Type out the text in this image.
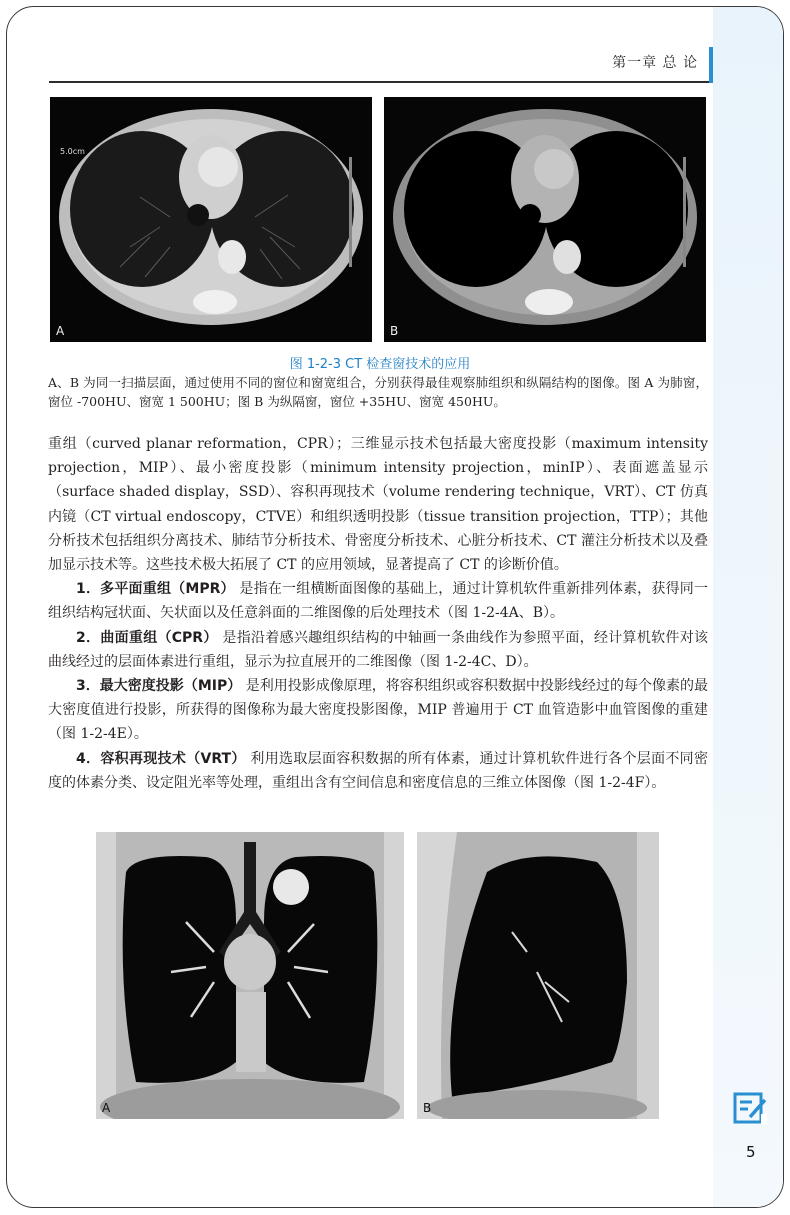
第一章 总 论
5.0cm
A	B
图 1-2-3 CT 检查窗技术的应用
A、B 为同一扫描层面，通过使用不同的窗位和窗宽组合，分别获得最佳观察肺组织和纵隔结构的图像。图 A 为肺窗，窗位 -700HU、窗宽 1 500HU；图 B 为纵隔窗，窗位 +35HU、窗宽 450HU。

重组（curved planar reformation，CPR）；三维显示技术包括最大密度投影（maximum intensity projection，MIP）、最小密度投影（minimum intensity projection，minIP）、表面遮盖显示（surface shaded display，SSD）、容积再现技术（volume rendering technique，VRT）、CT 仿真内镜（CT virtual endoscopy，CTVE）和组织透明投影（tissue transition projection，TTP）；其他分析技术包括组织分离技术、肺结节分析技术、骨密度分析技术、心脏分析技术、CT 灌注分析技术以及叠加显示技术等。这些技术极大拓展了 CT 的应用领域，显著提高了 CT 的诊断价值。

1．多平面重组（MPR） 是指在一组横断面图像的基础上，通过计算机软件重新排列体素，获得同一组织结构冠状面、矢状面以及任意斜面的二维图像的后处理技术（图 1-2-4A、B）。

2．曲面重组（CPR） 是指沿着感兴趣组织结构的中轴画一条曲线作为参照平面，经计算机软件对该曲线经过的层面体素进行重组，显示为拉直展开的二维图像（图 1-2-4C、D）。

3．最大密度投影（MIP） 是利用投影成像原理，将容积组织或容积数据中投影线经过的每个像素的最大密度值进行投影，所获得的图像称为最大密度投影图像，MIP 普遍用于 CT 血管造影中血管图像的重建（图 1-2-4E）。

4．容积再现技术（VRT） 利用选取层面容积数据的所有体素，通过计算机软件进行各个层面不同密度的体素分类、设定阻光率等处理，重组出含有空间信息和密度信息的三维立体图像（图 1-2-4F）。

A	B
5
